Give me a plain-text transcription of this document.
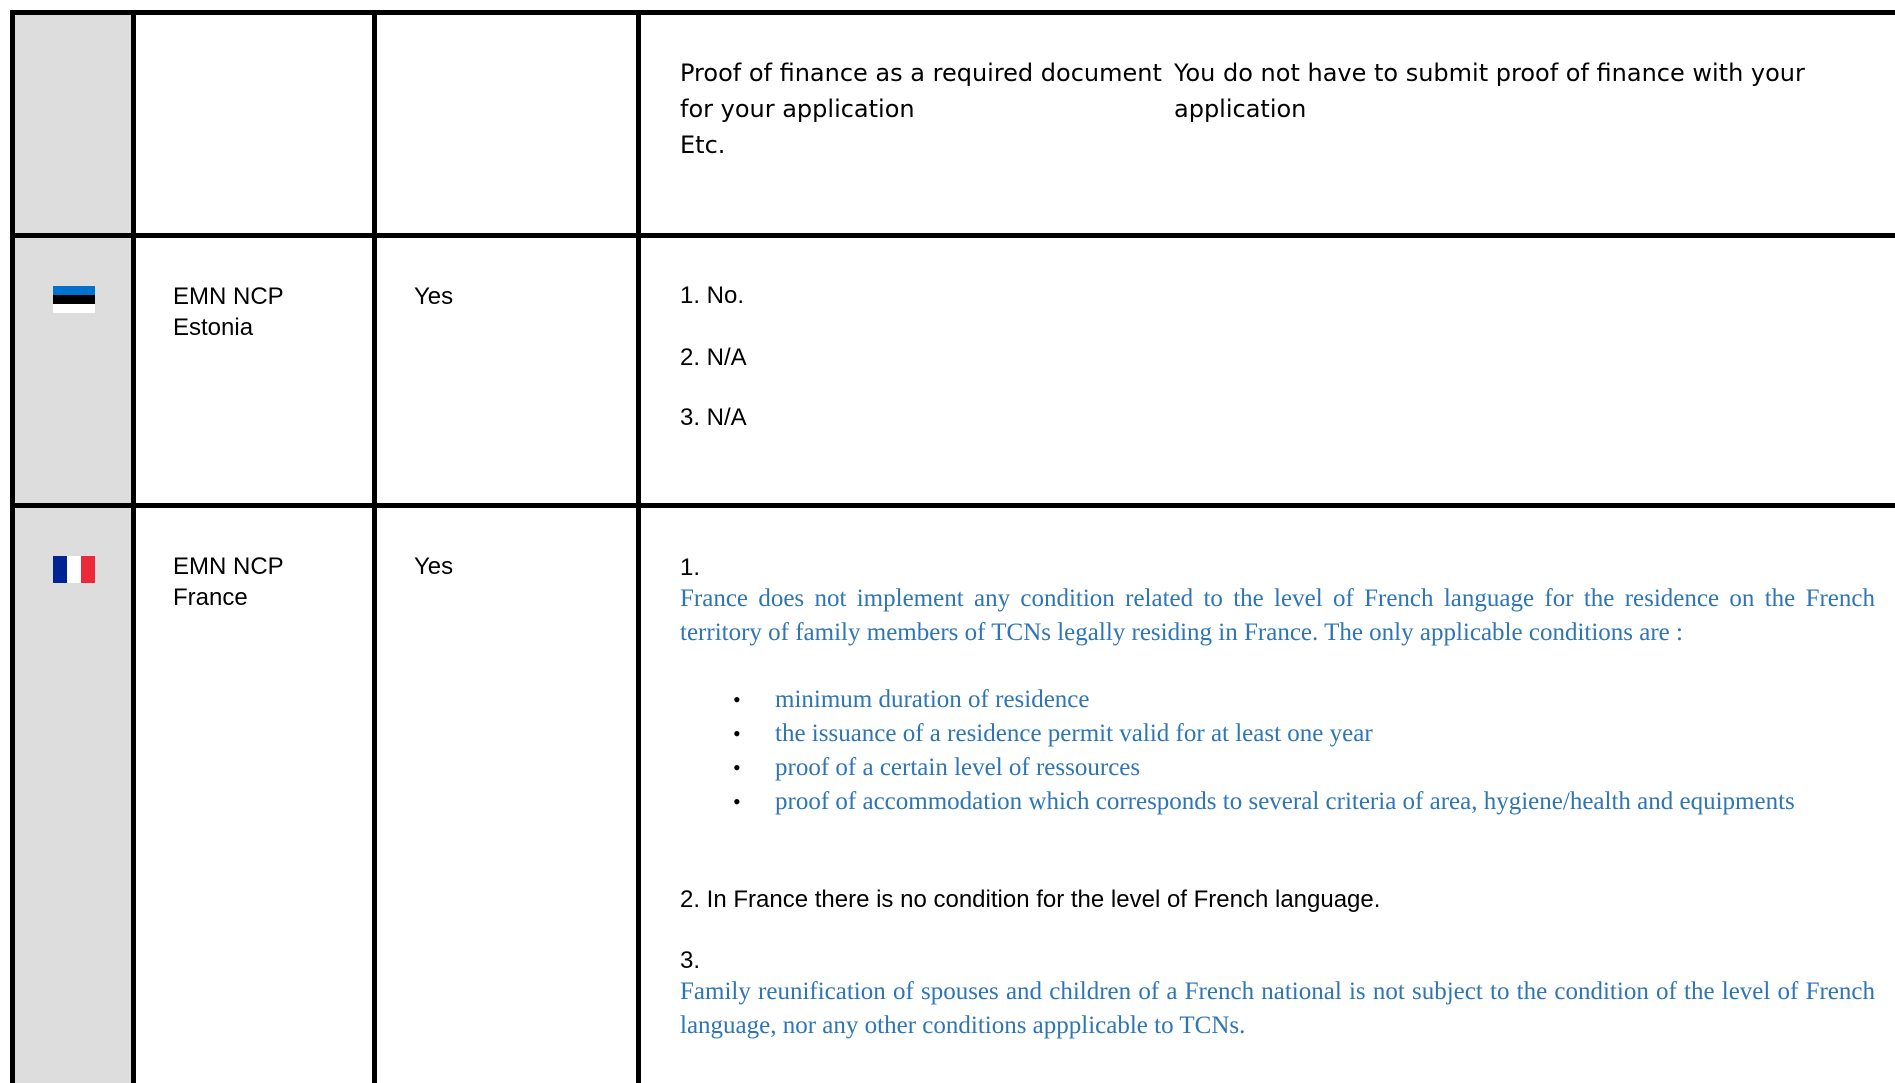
Proof of finance as a required document for your application
Etc.
You do not have to submit proof of finance with your application
EMN NCP Estonia
Yes	1. No.
2. N/A
3. N/A
EMN NCP France
Yes	1.
France does not implement any condition related to the level of French language for the residence on the French territory of family members of TCNs legally residing in France. The only applicable conditions are :
• minimum duration of residence
• the issuance of a residence permit valid for at least one year
• proof of a certain level of ressources
• proof of accommodation which corresponds to several criteria of area, hygiene/health and equipments
2. In France there is no condition for the level of French language.
3.
Family reunification of spouses and children of a French national is not subject to the condition of the level of French language, nor any other conditions appplicable to TCNs.
